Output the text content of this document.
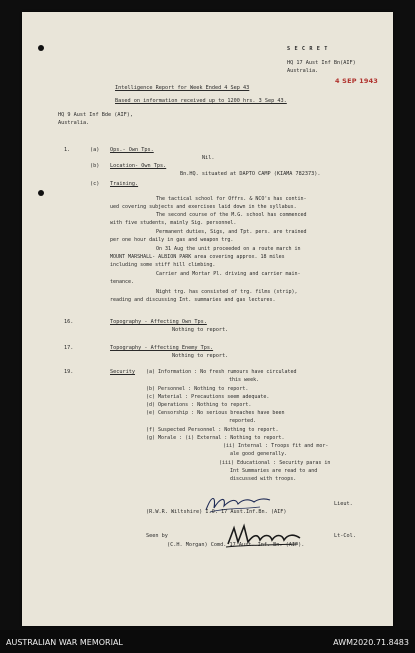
S E C R E T
HQ 17 Aust Inf Bn(AIF)
Australia.
4 SEP 1943
Intelligence Report for Week Ended 4 Sep 43
Based on information received up to 1200 hrs. 3 Sep 43.
HQ 9 Aust Inf Bde (AIF),
Australia.
1.	(a) Ops.- Own Tps.
Nil.
(b) Location- Own Tps.
Bn.HQ. situated at DAPTO CAMP (KIAMA 782373).
(c) Training.
The tactical school for Offrs. & NCO's has contin-
ued covering subjects and exercises laid down in the syllabus.
The second course of the M.G. school has commenced
with five students, mainly Sig. personnel.
Permanent duties, Sigs, and Tpt. pers. are trained
per one hour daily in gas and weapon trg.
On 31 Aug the unit proceeded on a route march in
MOUNT MARSHALL- ALBION PARK area covering approx. 18 miles
including some stiff hill climbing.
Carrier and Mortar Pl. driving and carrier main-
tenance.
Night trg. has consisted of trg. films (strip),
reading and discussing Int. summaries and gas lectures.
16.	Topography - Affecting Own Tps.
Nothing to report.
17.	Topography - Affecting Enemy Tps.
Nothing to report.
19.	Security (a) Information : No fresh rumours have circulated
this week.
(b) Personnel : Nothing to report.
(c) Material : Precautions seem adequate.
(d) Operations : Nothing to report.
(e) Censorship : No serious breaches have been
reported.
(f) Suspected Personnel : Nothing to report.
(g) Morale : (i) External : Nothing to report.
(ii) Internal : Troops fit and mor-
ale good generally.
(iii) Educational : Security paras in
Int Summaries are read to and
discussed with troops.
Lieut.
(R.W.R. Wiltshire) I.O. 17 Aust.Inf.Bn. (AIF)
Seen by	Lt-Col.
(C.H. Morgan) Comd. 17 Aust. Inf. Bn. (AIF).
AUSTRALIAN WAR MEMORIAL	AWM2020.71.8483
